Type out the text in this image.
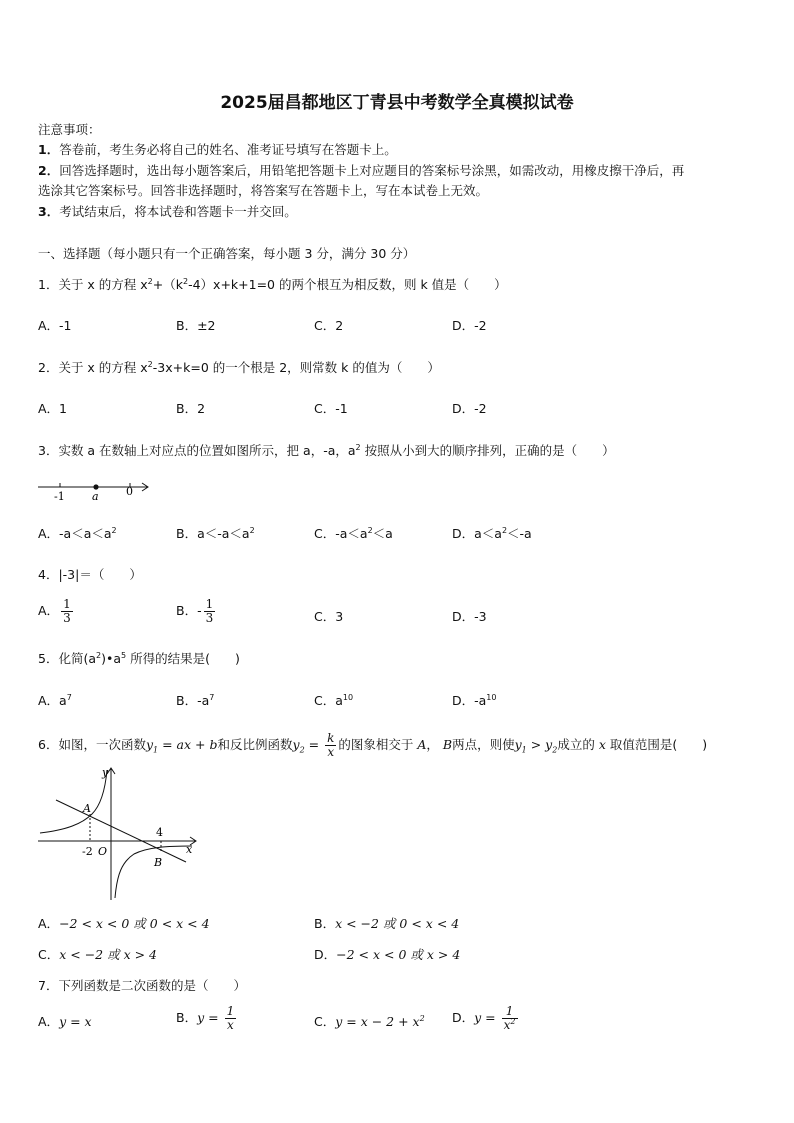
2025届昌都地区丁青县中考数学全真模拟试卷
注意事项：
1．答卷前，考生务必将自己的姓名、准考证号填写在答题卡上。
2．回答选择题时，选出每小题答案后，用铅笔把答题卡上对应题目的答案标号涂黑，如需改动，用橡皮擦干净后，再
选涂其它答案标号。回答非选择题时，将答案写在答题卡上，写在本试卷上无效。
3．考试结束后，将本试卷和答题卡一并交回。
一、选择题（每小题只有一个正确答案，每小题 3 分，满分 30 分）
1．关于 x 的方程 $x^2+(k^2-4)x+k+1=0$ 的两个根互为相反数，则 k 值是（　　）
A．-1	B．±2	C．2	D．-2
2．关于 x 的方程 $x^2-3x+k=0$ 的一个根是 2，则常数 k 的值为（　　）
A．1	B．2	C．-1	D．-2
3．实数 a 在数轴上对应点的位置如图所示，把 a，-a，$a^2$ 按照从小到大的顺序排列，正确的是（　　）
-1 a 0
A．$-a<a<a^2$	B．$a<-a<a^2$	C．$-a<a^2<a$	D．$a<a^2<-a$
4．|-3|＝（　　）
A． $\frac{1}{3}$	B．- $\frac{1}{3}$	C．3	D．-3
5．化简$(a^2)•a^5$ 所得的结果是(　　)
A．$a^7$	B．$-a^7$	C．$a^{10}$	D．$-a^{10}$
6．如图，一次函数$y_1$ = ax + b和反比例函数$y_2 = \frac{k}{x}$ 的图象相交于 A， B两点，则使$y_1 > y_2$成立的 x 取值范围是(　　)
y
A
4
-2 O	x
B
A．−2 < x < 0 或 0 < x < 4	B．x < −2 或 0 < x < 4
C．x < −2 或 x > 4	D．−2 < x < 0 或 x > 4
7．下列函数是二次函数的是（　　）
A．y = x	B．$y = \frac{1}{x}$	C．$y = x - 2 + x^2$ D．$y = \frac{1}{x^2}$
